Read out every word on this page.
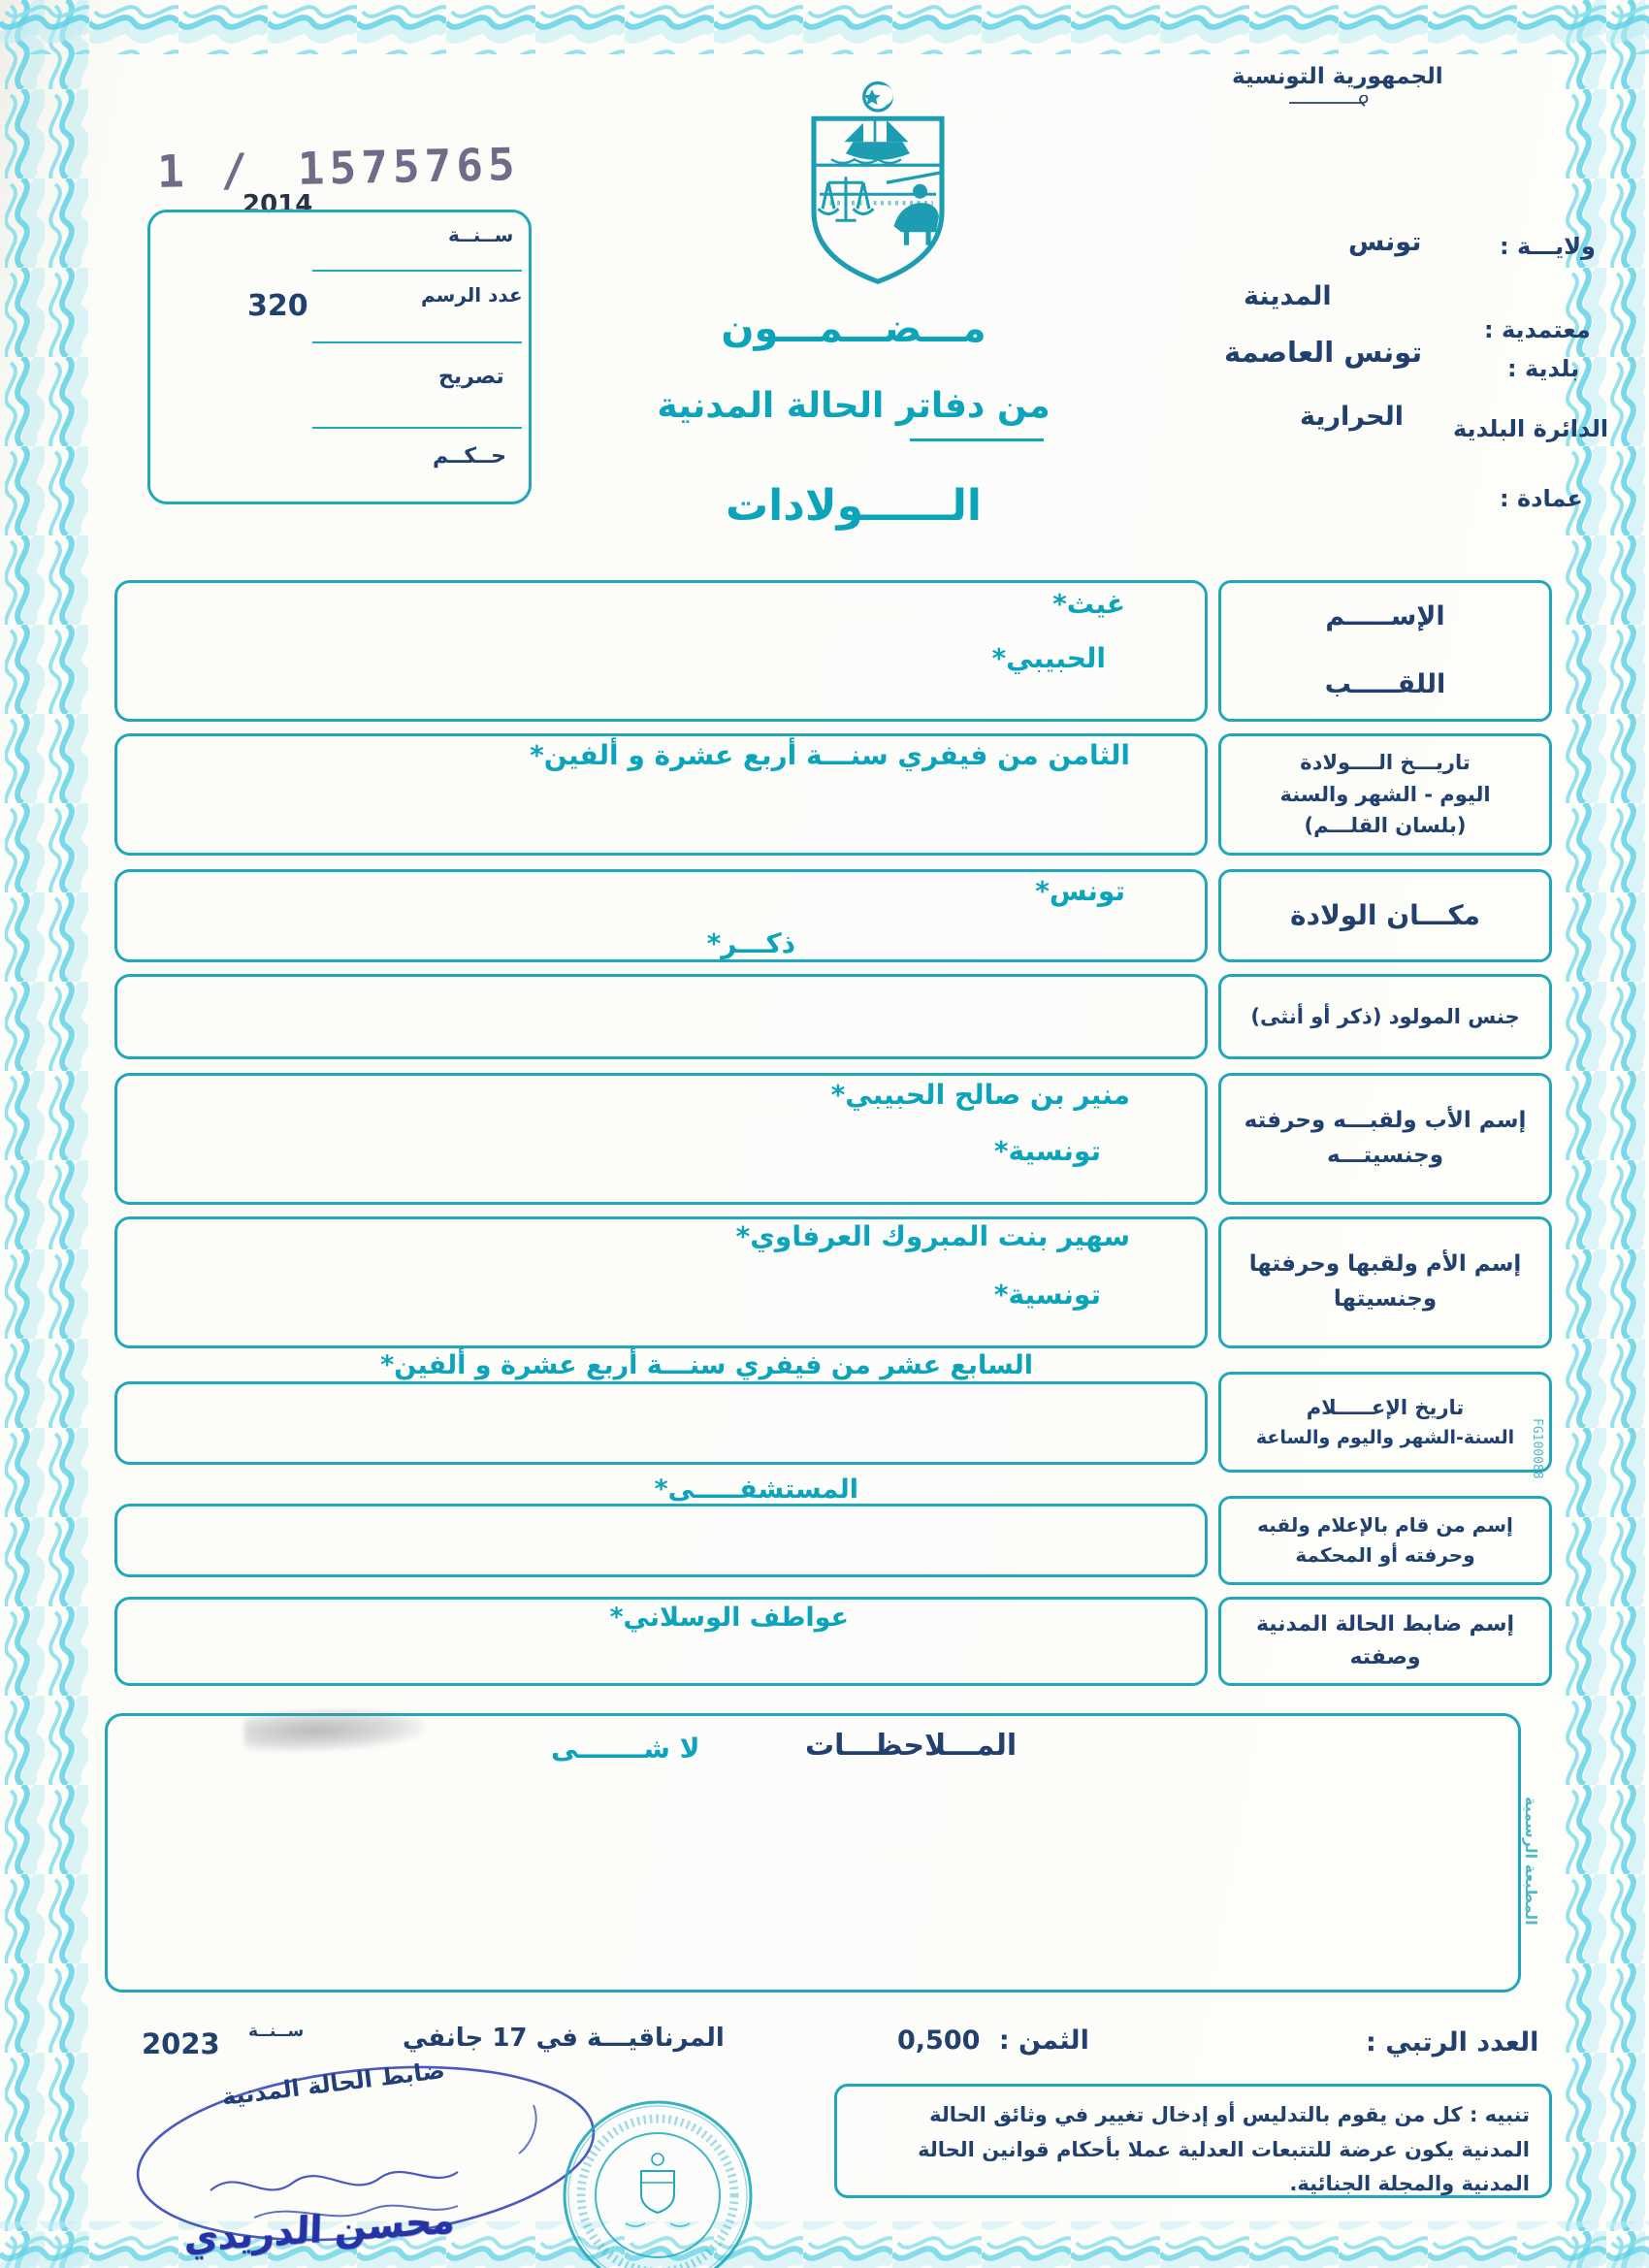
الجمهورية التونسية
1 / 1575765
2014
ســنــة
عدد الرسم
320
تصريح
حــكــم
مـــضـــمـــون
من دفاتر الحالة المدنية
الــــــولادات
ولايـــة :
تونس
معتمدية :
المدينة
بلدية :
تونس العاصمة
الدائرة البلدية
الحرارية
عمادة :
الإســـــم
اللقـــــب
غيث*
الحبيبي*
تاريـــخ الــــولادة
اليوم - الشهر والسنة
(بلسان القلـــم)
الثامن من فيفري سنـــة أربع عشرة و ألفين*
مكـــان الولادة
تونس*
ذكـــر*
جنس المولود (ذكر أو أنثى)
إسم الأب ولقبـــه وحرفته
وجنسيتـــه
منير بن صالح الحبيبي*
تونسية*
إسم الأم ولقبها وحرفتها
وجنسيتها
سهير بنت المبروك العرفاوي*
تونسية*
السابع عشر من فيفري سنـــة أربع عشرة و ألفين*
تاريخ الإعـــــلام
السنة-الشهر واليوم والساعة
المستشفـــــى*
إسم من قام بالإعلام ولقبه
وحرفته أو المحكمة
إسم ضابط الحالة المدنية
وصفته
عواطف الوسلاني*
المـــلاحظـــات
لا شـــــــى
FG100088
المطبعة الرسمية
العدد الرتبي :
الثمن : 0,500
المرناقيـــة في 17 جانفي
ســنــة
2023
ضابط الحالة المدنية
محسن الدريدي
تنبيه : كل من يقوم بالتدليس أو إدخال تغيير في وثائق الحالة المدنية يكون عرضة للتتبعات العدلية عملا بأحكام قوانين الحالة المدنية والمجلة الجنائية.
